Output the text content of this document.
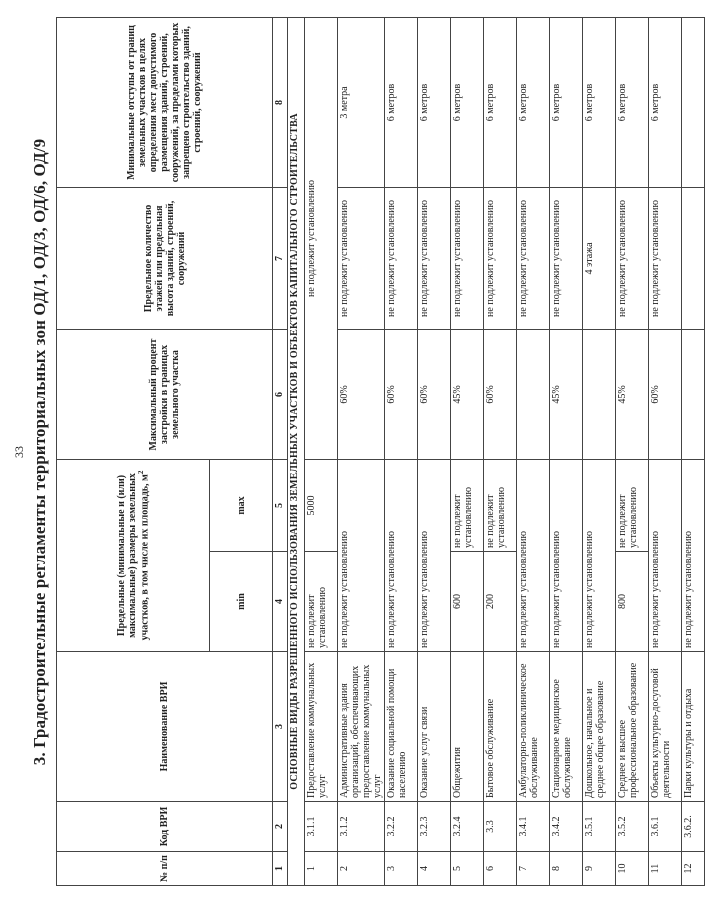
33 3. Градостроительные регламенты территориальных зон ОД/1, ОД/3, ОД/6, ОД/9
№ п/п	Код ВРИ	Наименование ВРИ	Предельные (минимальные и (или) максимальные) размеры земельных участков, в том числе их площадь, $м^2$		Максимальный процент застройки в границах земельного участка	Предельное количество этажей или предельная высота зданий, строений, сооружений	Минимальные отступы от границ земельных участков в целях определения мест допустимого размещения зданий, строений, сооружений, за пределами которых запрещено строительство зданий, строений, сооружений
			min	max			
1	2	3	4	5	6	7	8
ОСНОВНЫЕ ВИДЫ РАЗРЕШЕННОГО ИСПОЛЬЗОВАНИЯ ЗЕМЕЛЬНЫХ УЧАСТКОВ И ОБЪЕКТОВ КАПИТАЛЬНОГО СТРОИТЕЛЬСТВА							
1	3.1.1	Предоставление коммунальных услуг	не подлежит установлению	5000	не подлежит установлению		
2	3.1.2	Административные здания организаций, обеспечивающих предоставление коммунальных услуг	не подлежит установлению		60%	не подлежит установлению	3 метра
3	3.2.2	Оказание социальной помощи населению	не подлежит установлению		60%	не подлежит установлению	6 метров
4	3.2.3	Оказание услуг связи	не подлежит установлению		60%	не подлежит установлению	6 метров
5	3.2.4	Общежития	600	не подлежит установлению	45%	не подлежит установлению	6 метров
6	3.3	Бытовое обслуживание	200	не подлежит установлению	60%	не подлежит установлению	6 метров
7	3.4.1	Амбулаторно-поликлиническое обслуживание	не подлежит установлению			не подлежит установлению	6 метров
8	3.4.2	Стационарное медицинское обслуживание	не подлежит установлению		45%	не подлежит установлению	6 метров
9	3.5.1	Дошкольное, начальное и среднее общее образование	не подлежит установлению			4 этажа	6 метров
10	3.5.2	Среднее и высшее профессиональное образование	800	не подлежит установлению	45%	не подлежит установлению	6 метров
11	3.6.1	Объекты культурно-досуговой деятельности	не подлежит установлению		60%	не подлежит установлению	6 метров
12	3.6.2.	Парки культуры и отдыха	не подлежит установлению				
